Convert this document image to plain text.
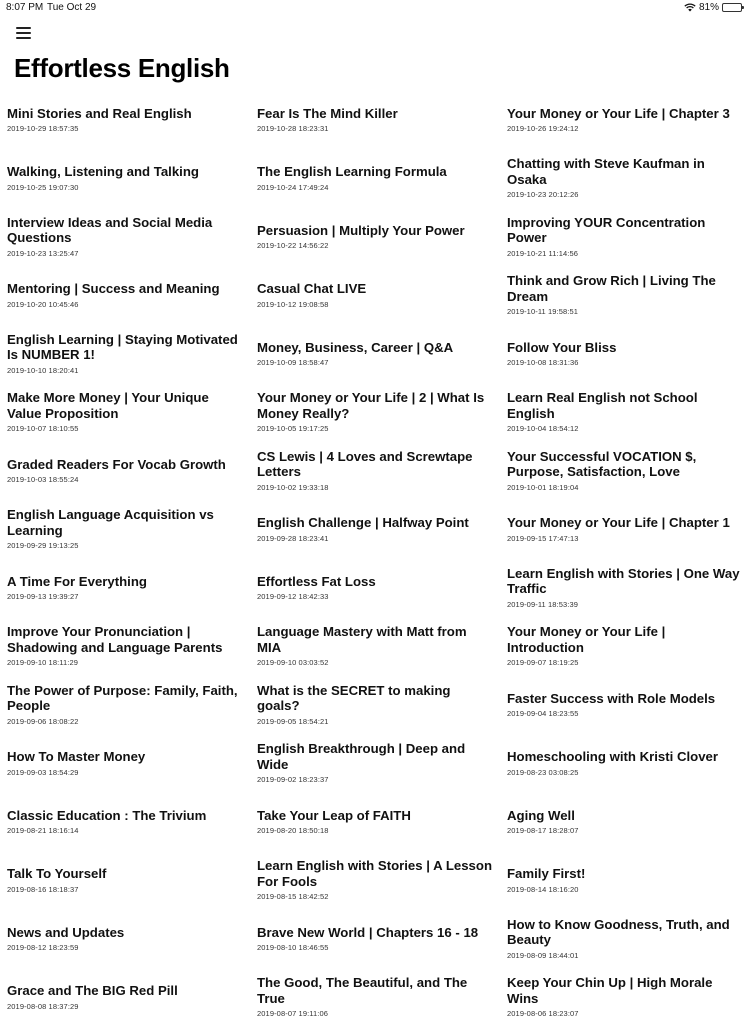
8:07 PM Tue Oct 29	81%
Effortless English
Mini Stories and Real English
2019-10-29 18:57:35
Fear Is The Mind Killer
2019-10-28 18:23:31
Your Money or Your Life | Chapter 3
2019-10-26 19:24:12
Walking, Listening and Talking
2019-10-25 19:07:30
The English Learning Formula
2019-10-24 17:49:24
Chatting with Steve Kaufman in Osaka
2019-10-23 20:12:26
Interview Ideas and Social Media Questions
2019-10-23 13:25:47
Persuasion | Multiply Your Power
2019-10-22 14:56:22
Improving YOUR Concentration Power
2019-10-21 11:14:56
Mentoring | Success and Meaning
2019-10-20 10:45:46
Casual Chat LIVE
2019-10-12 19:08:58
Think and Grow Rich | Living The Dream
2019-10-11 19:58:51
English Learning | Staying Motivated Is NUMBER 1!
2019-10-10 18:20:41
Money, Business, Career | Q&A
2019-10-09 18:58:47
Follow Your Bliss
2019-10-08 18:31:36
Make More Money | Your Unique Value Proposition
2019-10-07 18:10:55
Your Money or Your Life | 2 | What Is Money Really?
2019-10-05 19:17:25
Learn Real English not School English
2019-10-04 18:54:12
Graded Readers For Vocab Growth
2019-10-03 18:55:24
CS Lewis | 4 Loves and Screwtape Letters
2019-10-02 19:33:18
Your Successful VOCATION $, Purpose, Satisfaction, Love
2019-10-01 18:19:04
English Language Acquisition vs Learning
2019-09-29 19:13:25
English Challenge | Halfway Point
2019-09-28 18:23:41
Your Money or Your Life | Chapter 1
2019-09-15 17:47:13
A Time For Everything
2019-09-13 19:39:27
Effortless Fat Loss
2019-09-12 18:42:33
Learn English with Stories | One Way Traffic
2019-09-11 18:53:39
Improve Your Pronunciation | Shadowing and Language Parents
2019-09-10 18:11:29
Language Mastery with Matt from MIA
2019-09-10 03:03:52
Your Money or Your Life | Introduction
2019-09-07 18:19:25
The Power of Purpose: Family, Faith, People
2019-09-06 18:08:22
What is the SECRET to making goals?
2019-09-05 18:54:21
Faster Success with Role Models
2019-09-04 18:23:55
How To Master Money
2019-09-03 18:54:29
English Breakthrough | Deep and Wide
2019-09-02 18:23:37
Homeschooling with Kristi Clover
2019-08-23 03:08:25
Classic Education : The Trivium
2019-08-21 18:16:14
Take Your Leap of FAITH
2019-08-20 18:50:18
Aging Well
2019-08-17 18:28:07
Talk To Yourself
2019-08-16 18:18:37
Learn English with Stories | A Lesson For Fools
2019-08-15 18:42:52
Family First!
2019-08-14 18:16:20
News and Updates
2019-08-12 18:23:59
Brave New World | Chapters 16 - 18
2019-08-10 18:46:55
How to Know Goodness, Truth, and Beauty
2019-08-09 18:44:01
Grace and The BIG Red Pill
2019-08-08 18:37:29
The Good, The Beautiful, and The True
2019-08-07 19:11:06
Keep Your Chin Up | High Morale Wins
2019-08-06 18:23:07
